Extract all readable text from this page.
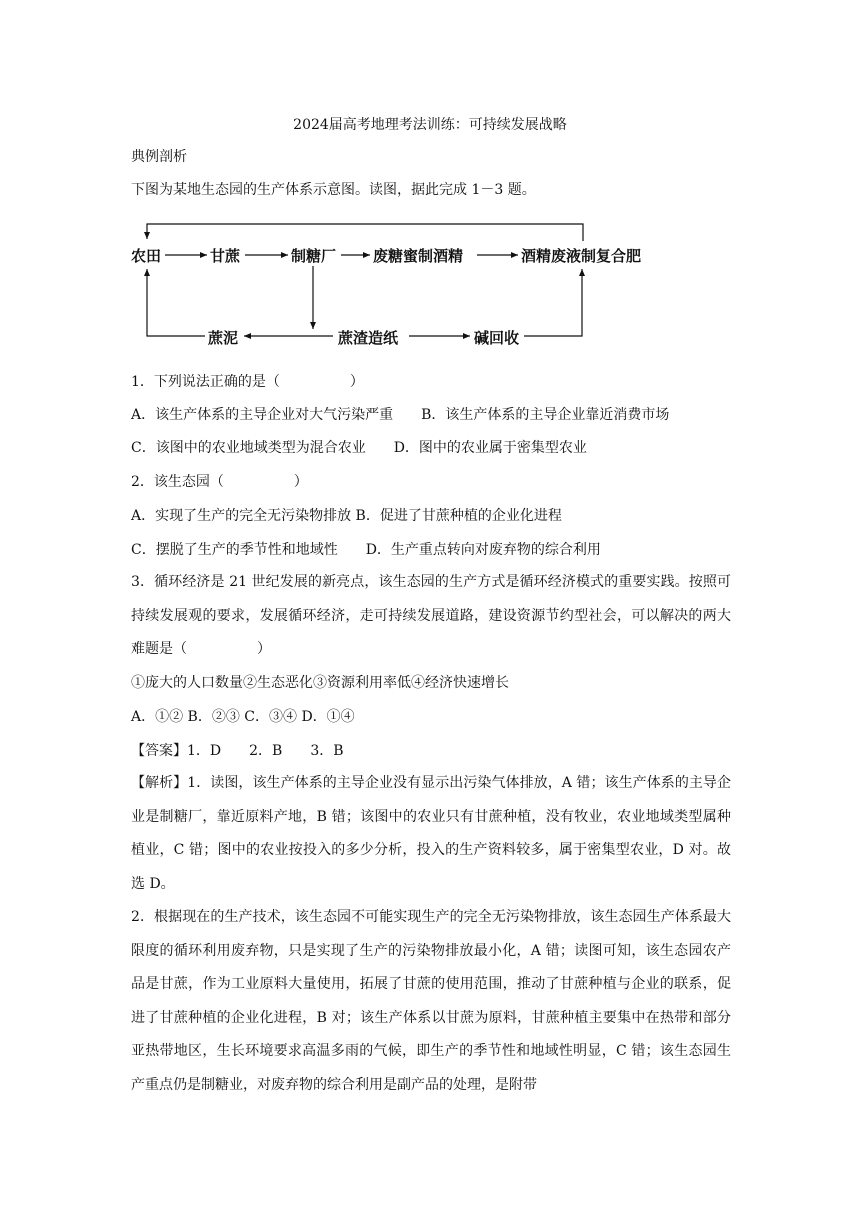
2024届高考地理考法训练：可持续发展战略
典例剖析
下图为某地生态园的生产体系示意图。读图，据此完成 1－3 题。
农田	甘蔗	制糖厂 废糖蜜制酒精	酒精废液制复合肥
蔗泥	蔗渣造纸	碱回收
1．下列说法正确的是（　　　　　）
A．该生产体系的主导企业对大气污染严重　　B．该生产体系的主导企业靠近消费市场
C．该图中的农业地域类型为混合农业　　D．图中的农业属于密集型农业
2．该生态园（　　　　　）
A．实现了生产的完全无污染物排放 B．促进了甘蔗种植的企业化进程
C．摆脱了生产的季节性和地域性　　D．生产重点转向对废弃物的综合利用
3．循环经济是 21 世纪发展的新亮点，该生态园的生产方式是循环经济模式的重要实践。按照可持续发展观的要求，发展循环经济，走可持续发展道路，建设资源节约型社会，可以解决的两大难题是（　　　　　）
①庞大的人口数量②生态恶化③资源利用率低④经济快速增长
A．①② B．②③ C．③④ D．①④
【答案】1．D　　2．B　　3．B
【解析】1．读图，该生产体系的主导企业没有显示出污染气体排放，A 错；该生产体系的主导企业是制糖厂，靠近原料产地，B 错；该图中的农业只有甘蔗种植，没有牧业，农业地域类型属种植业，C 错；图中的农业按投入的多少分析，投入的生产资料较多，属于密集型农业，D 对。故选 D。
2．根据现在的生产技术，该生态园不可能实现生产的完全无污染物排放，该生态园生产体系最大限度的循环利用废弃物，只是实现了生产的污染物排放最小化，A 错；读图可知，该生态园农产品是甘蔗，作为工业原料大量使用，拓展了甘蔗的使用范围，推动了甘蔗种植与企业的联系，促进了甘蔗种植的企业化进程，B 对；该生产体系以甘蔗为原料，甘蔗种植主要集中在热带和部分亚热带地区，生长环境要求高温多雨的气候，即生产的季节性和地域性明显，C 错；该生态园生产重点仍是制糖业，对废弃物的综合利用是副产品的处理，是附带
